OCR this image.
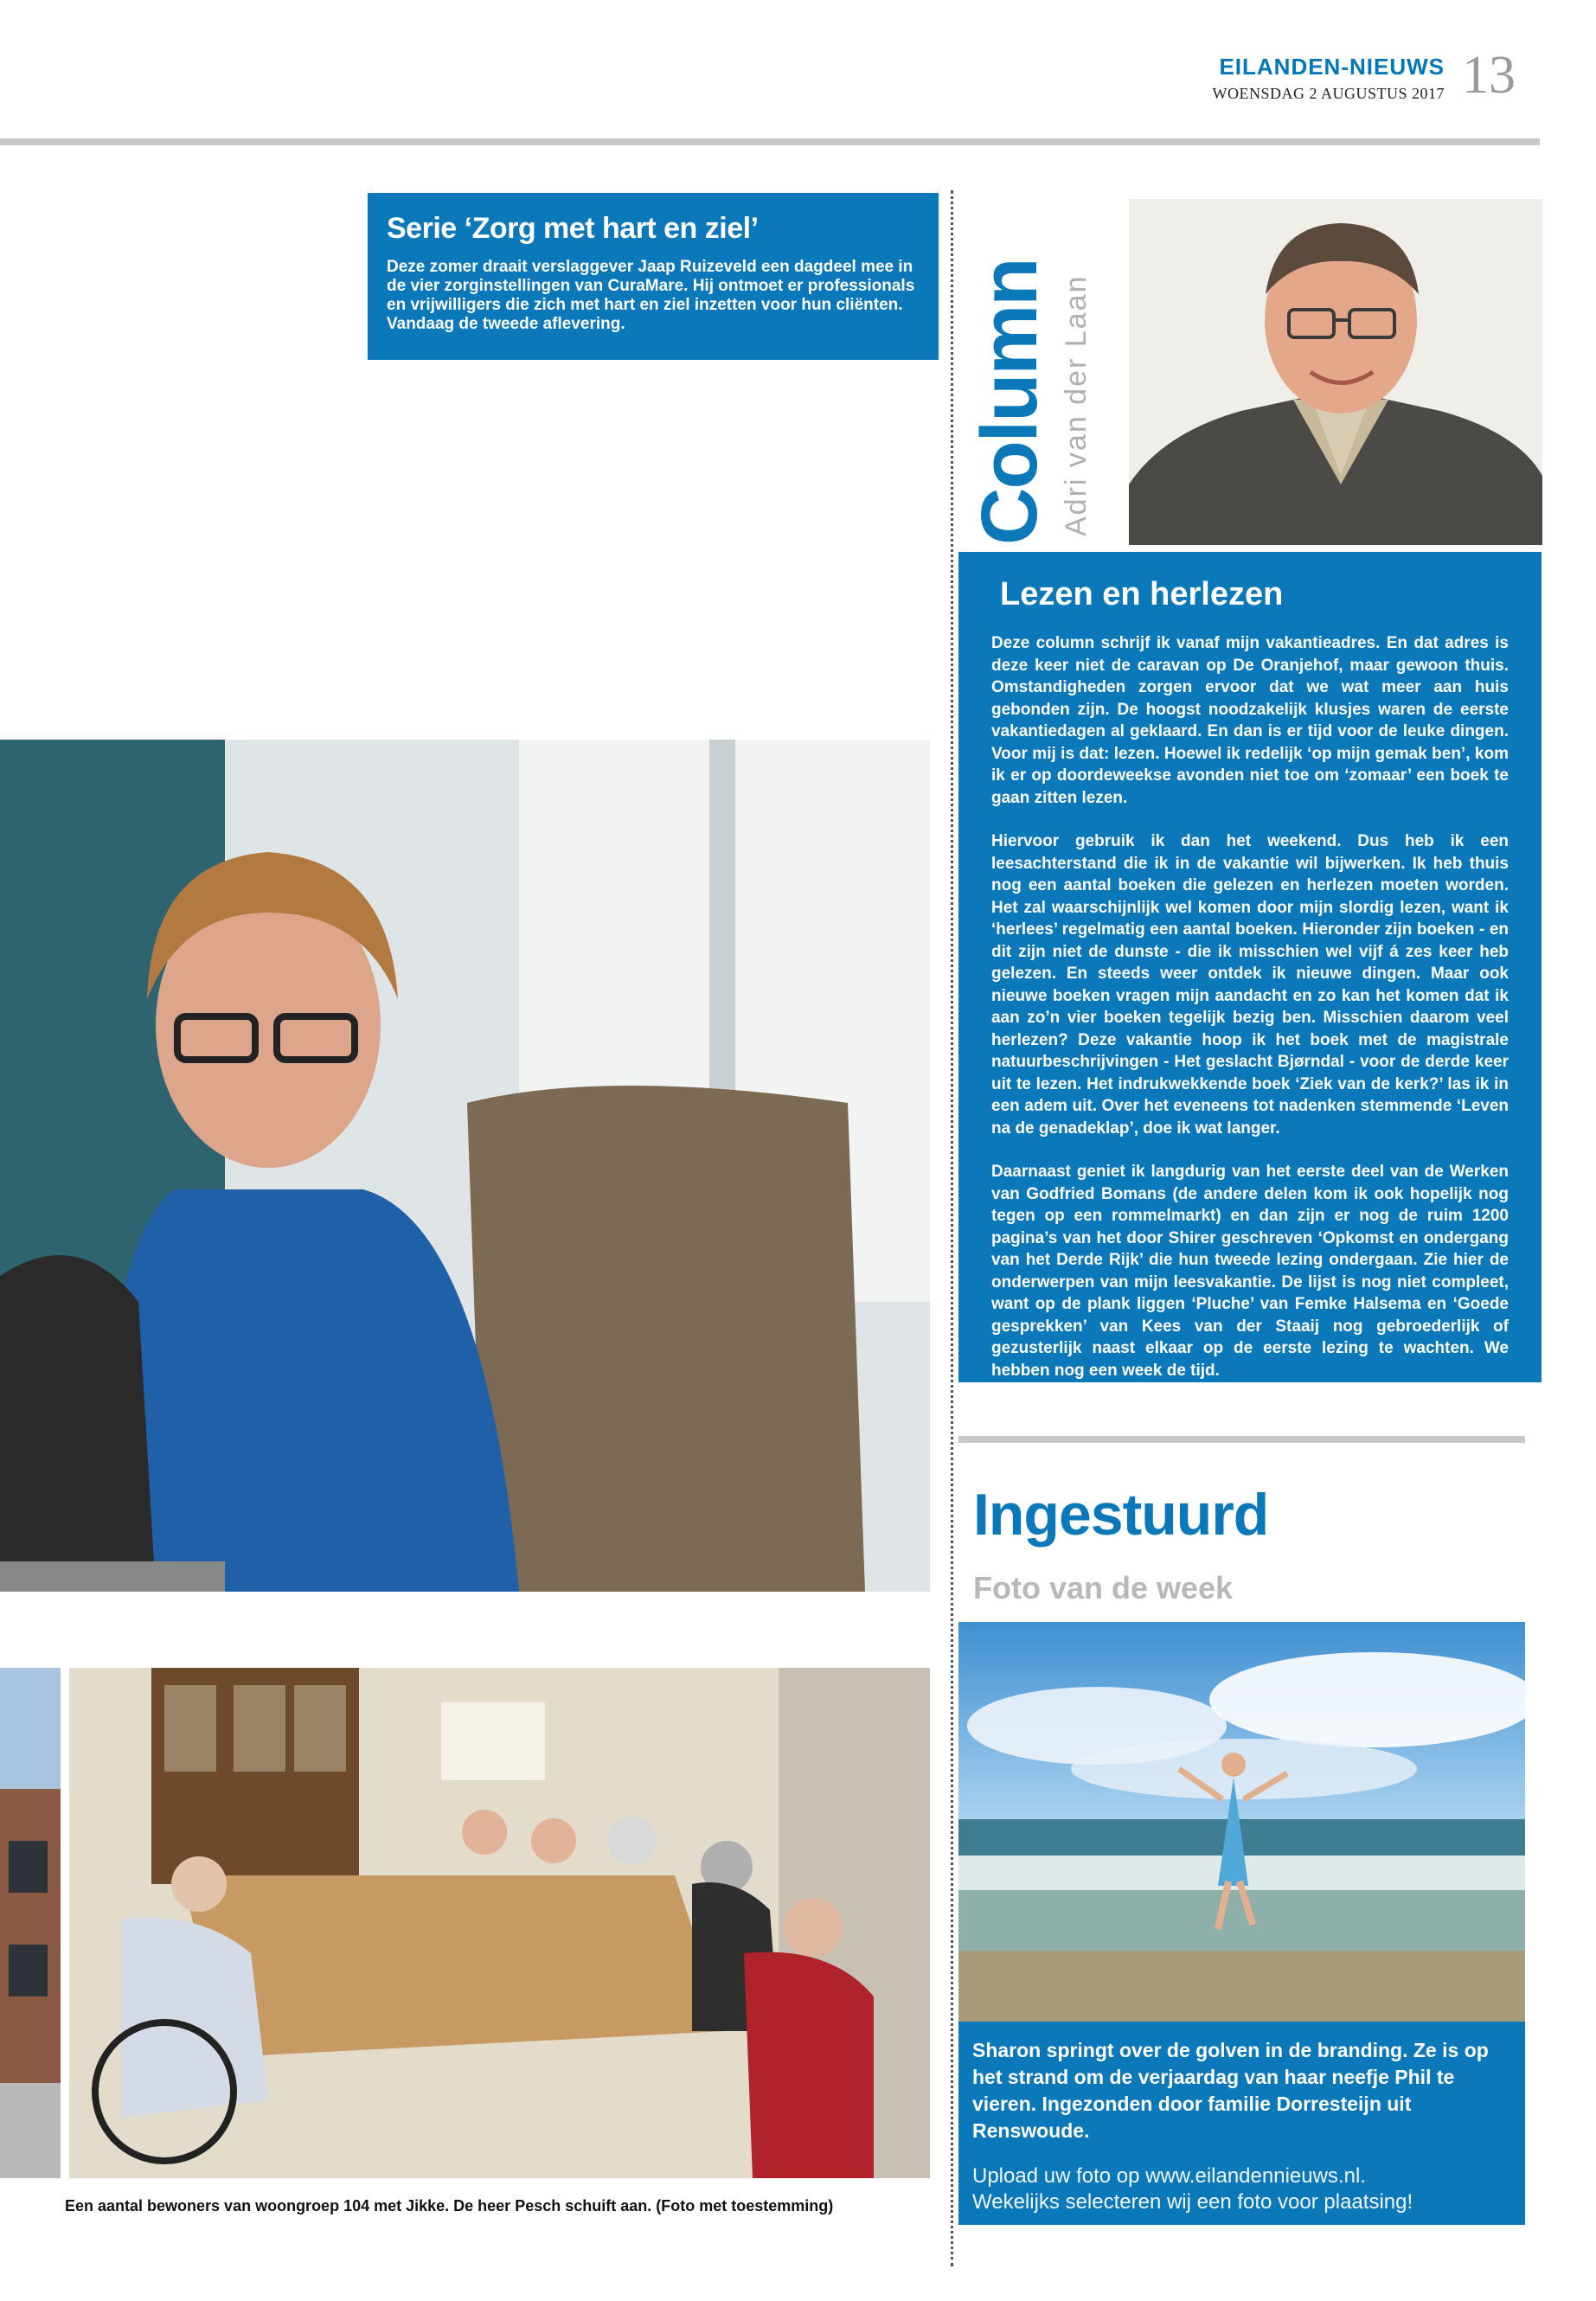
EILANDEN-NIEUWS
WOENSDAG 2 AUGUSTUS 2017 13
Serie ‘Zorg met hart en ziel’
Deze zomer draait verslaggever Jaap Ruizeveld een dagdeel mee in de vier zorginstellingen van CuraMare. Hij ontmoet er professionals en vrijwilligers die zich met hart en ziel inzetten voor hun cliënten. Vandaag de tweede aflevering.	Column Adri van der Laan
Lezen en herlezen

Deze column schrijf ik vanaf mijn vakantieadres. En dat adres is deze keer niet de caravan op De Oranjehof, maar gewoon thuis. Omstandigheden zorgen ervoor dat we wat meer aan huis gebonden zijn. De hoogst noodzakelijk klusjes waren de eerste vakantiedagen al geklaard. En dan is er tijd voor de leuke dingen. Voor mij is dat: lezen. Hoewel ik redelijk ‘op mijn gemak ben’, kom ik er op doordeweekse avonden niet toe om ‘zomaar’ een boek te gaan zitten lezen.

Hiervoor gebruik ik dan het weekend. Dus heb ik een leesachterstand die ik in de vakantie wil bijwerken. Ik heb thuis nog een aantal boeken die gelezen en herlezen moeten worden. Het zal waarschijnlijk wel komen door mijn slordig lezen, want ik ‘herlees’ regelmatig een aantal boeken. Hieronder zijn boeken - en dit zijn niet de dunste - die ik misschien wel vijf á zes keer heb gelezen. En steeds weer ontdek ik nieuwe dingen. Maar ook nieuwe boeken vragen mijn aandacht en zo kan het komen dat ik aan zo’n vier boeken tegelijk bezig ben. Misschien daarom veel herlezen? Deze vakantie hoop ik het boek met de magistrale natuurbeschrijvingen - Het geslacht Bjørndal - voor de derde keer uit te lezen. Het indrukwekkende boek ‘Ziek van de kerk?’ las ik in een adem uit. Over het eveneens tot nadenken stemmende ‘Leven na de genadeklap’, doe ik wat langer.

Daarnaast geniet ik langdurig van het eerste deel van de Werken van Godfried Bomans (de andere delen kom ik ook hopelijk nog tegen op een rommelmarkt) en dan zijn er nog de ruim 1200 pagina’s van het door Shirer geschreven ‘Opkomst en ondergang van het Derde Rijk’ die hun tweede lezing ondergaan. Zie hier de onderwerpen van mijn leesvakantie. De lijst is nog niet compleet, want op de plank liggen ‘Pluche’ van Femke Halsema en ‘Goede gesprekken’ van Kees van der Staaij nog gebroederlijk of gezusterlijk naast elkaar op de eerste lezing te wachten. We hebben nog een week de tijd.

Ingestuurd
Foto van de week
Sharon springt over de golven in de branding. Ze is op het strand om de verjaardag van haar neefje Phil te vieren. Ingezonden door familie Dorresteijn uit Renswoude.
Upload uw foto op www.eilandennieuws.nl.
Wekelijks selecteren wij een foto voor plaatsing!
Een aantal bewoners van woongroep 104 met Jikke. De heer Pesch schuift aan. (Foto met toestemming)
